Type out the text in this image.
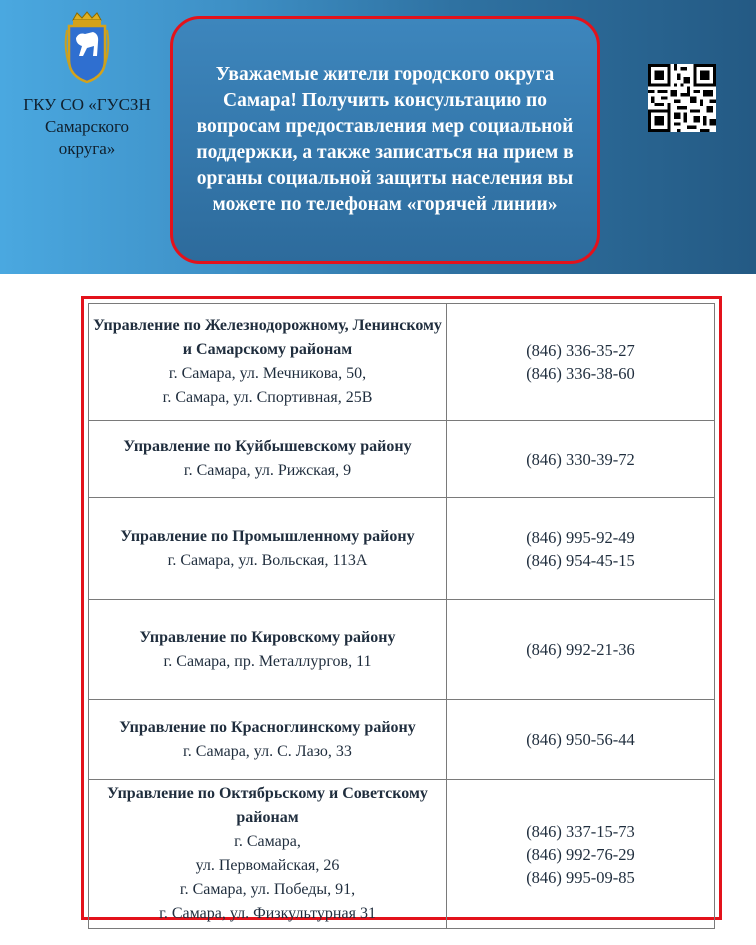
ГКУ СО «ГУСЗН
Самарского
округа»

Уважаемые жители городского округа Самара! Получить консультацию по вопросам предоставления мер социальной поддержки, а также записаться на прием в органы социальной защиты населения вы можете по телефонам «горячей линии»

Управление по Железнодорожному, Ленинскому и Самарскому районам
г. Самара, ул. Мечникова, 50,
г. Самара, ул. Спортивная, 25В	(846) 336-35-27
(846) 336-38-60

Управление по Куйбышевскому району
г. Самара, ул. Рижская, 9	(846) 330-39-72

Управление по Промышленному району
г. Самара, ул. Вольская, 113А	(846) 995-92-49
(846) 954-45-15

Управление по Кировскому району
г. Самара, пр. Металлургов, 11	(846) 992-21-36

Управление по Красноглинскому району
г. Самара, ул. С. Лазо, 33	(846) 950-56-44

Управление по Октябрьскому и Советскому районам
г. Самара,
ул. Первомайская, 26
г. Самара, ул. Победы, 91,
г. Самара, ул. Физкультурная 31	(846) 337-15-73
(846) 992-76-29
(846) 995-09-85
